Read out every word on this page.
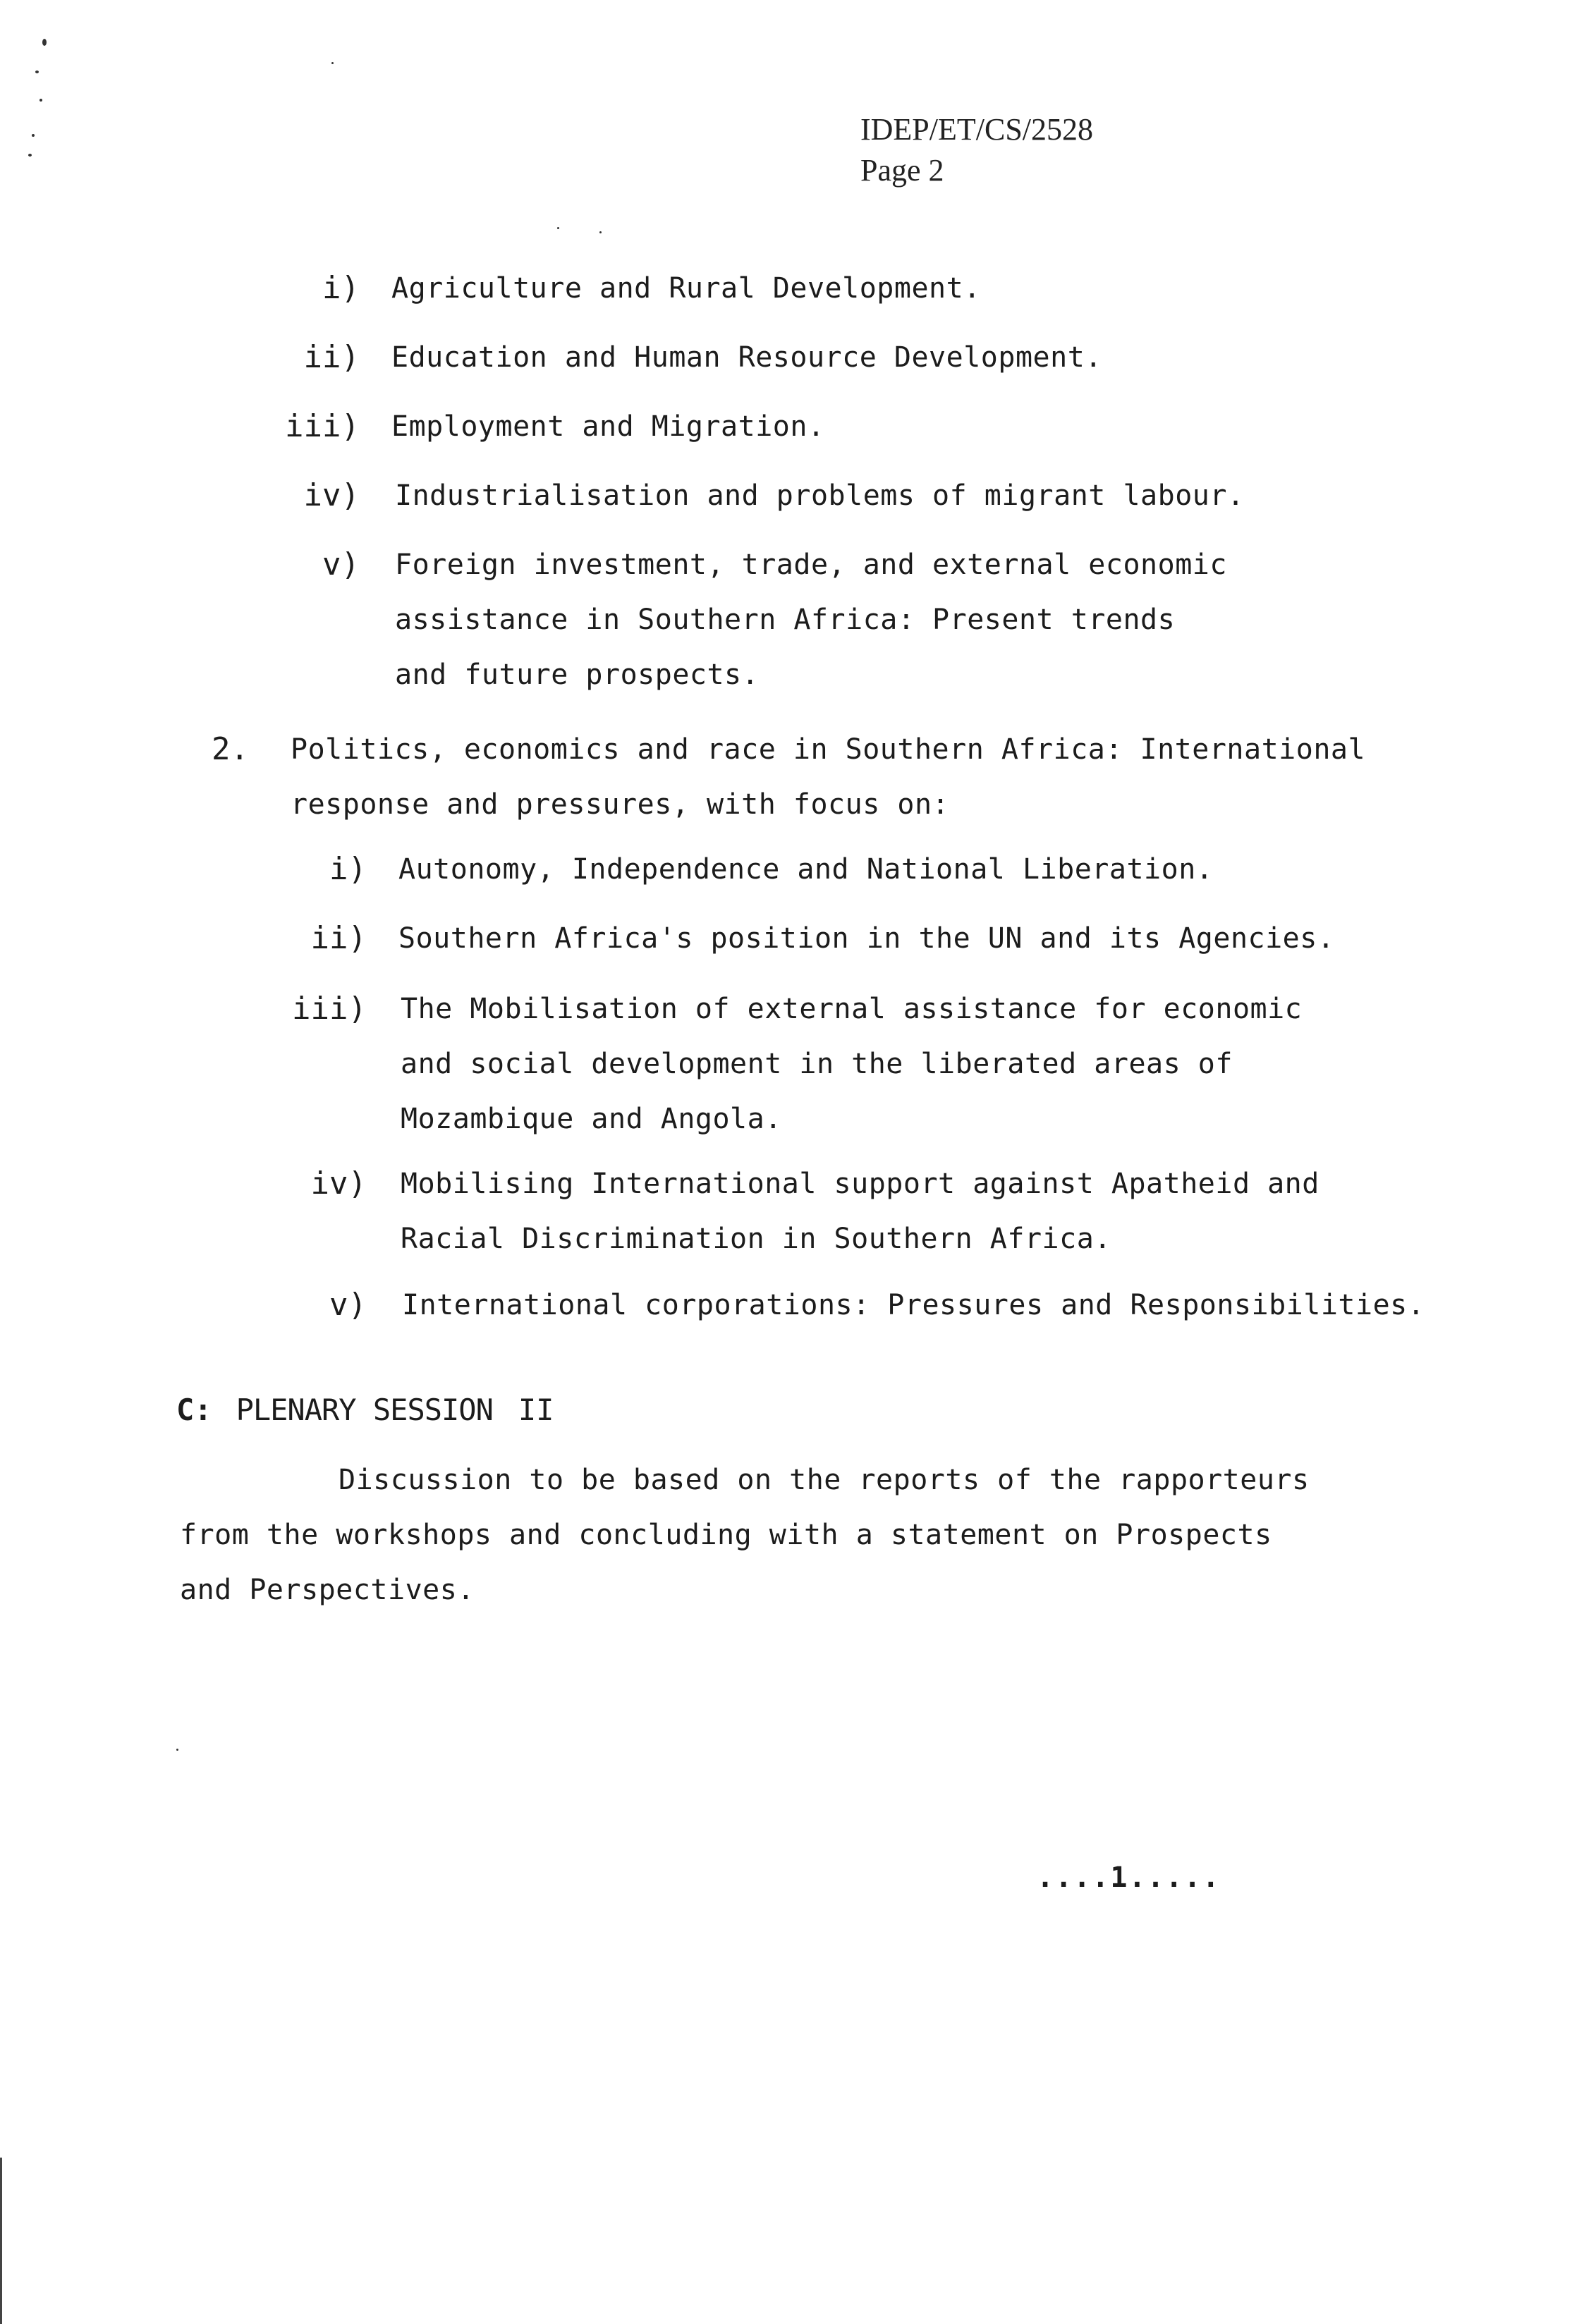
IDEP/ET/CS/2528
Page 2
i) Agriculture and Rural Development.
ii) Education and Human Resource Development.
iii) Employment and Migration.
iv) Industrialisation and problems of migrant labour.
v) Foreign investment, trade, and external economic
assistance in Southern Africa: Present trends
and future prospects.
2.	Politics, economics and race in Southern Africa: International
response and pressures, with focus on:
i) Autonomy, Independence and National Liberation.
ii) Southern Africa's position in the UN and its Agencies.
iii) The Mobilisation of external assistance for economic
and social development in the liberated areas of
Mozambique and Angola.
iv) Mobilising International support against Apatheid and
Racial Discrimination in Southern Africa.
v) International corporations: Pressures and Responsibilities.
C: PLENARY SESSION II
Discussion to be based on the reports of the rapporteurs
from the workshops and concluding with a statement on Prospects
and Perspectives.
....1.....
